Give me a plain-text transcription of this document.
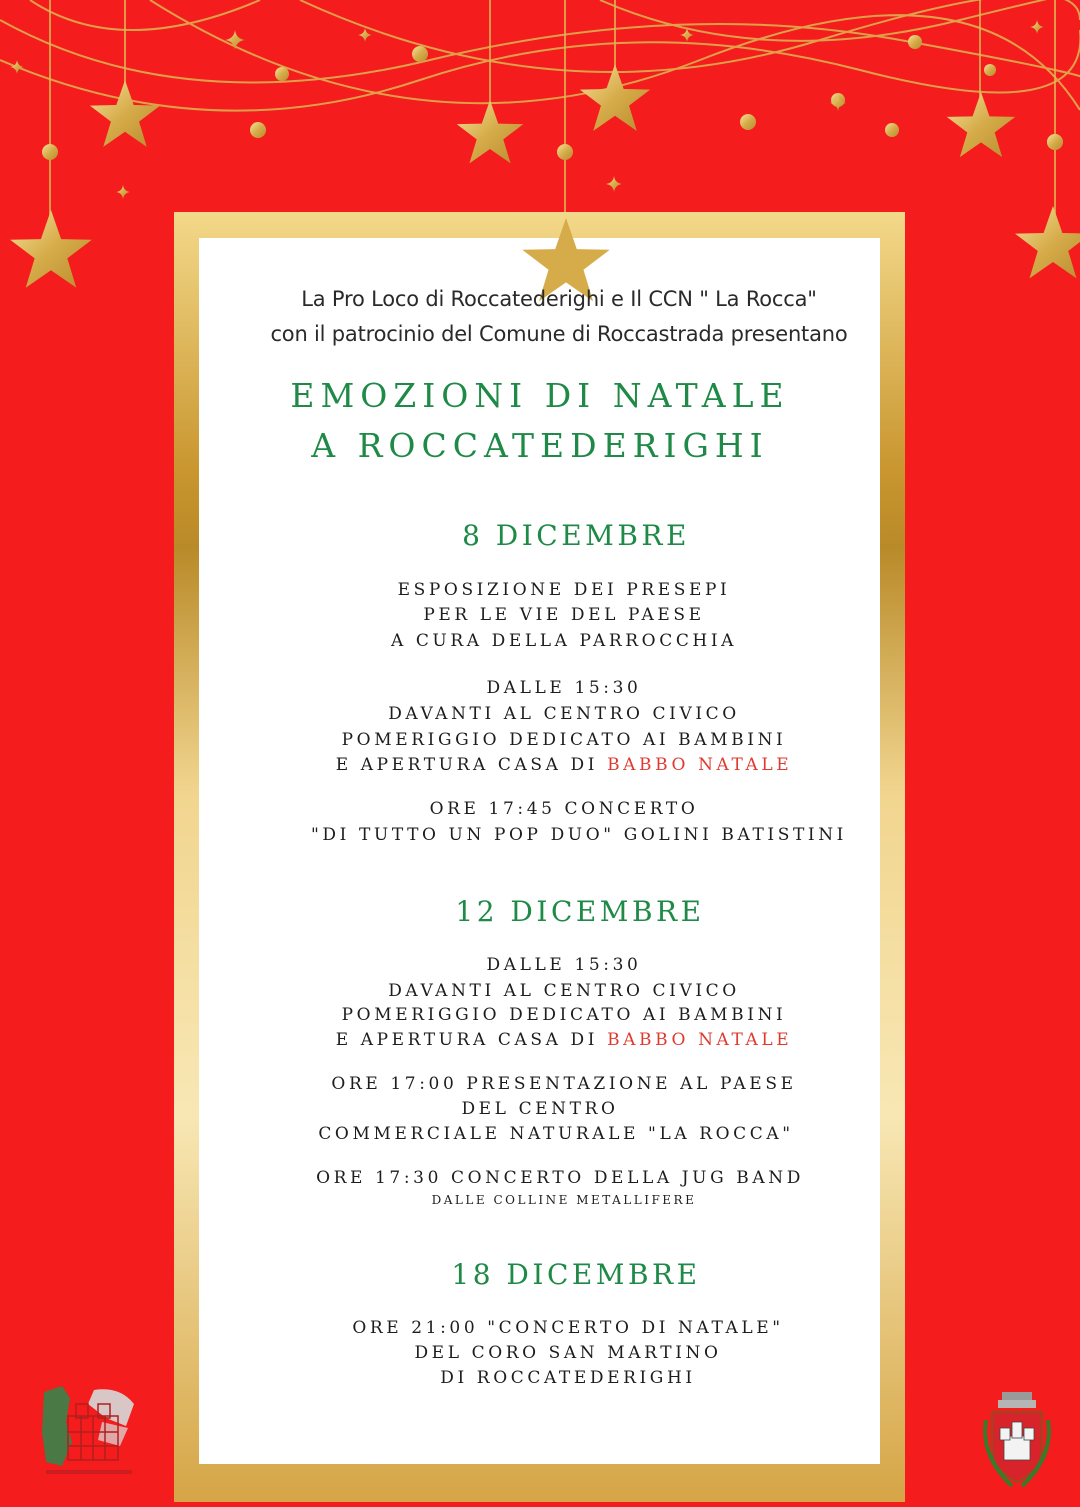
La Pro Loco di Roccatederighi e Il CCN " La Rocca"
con il patrocinio del Comune di Roccastrada presentano
EMOZIONI DI NATALE
A ROCCATEDERIGHI
8 DICEMBRE
ESPOSIZIONE DEI PRESEPI
PER LE VIE DEL PAESE
A CURA DELLA PARROCCHIA
DALLE 15:30
DAVANTI AL CENTRO CIVICO
POMERIGGIO DEDICATO AI BAMBINI
E APERTURA CASA DI BABBO NATALE
ORE 17:45 CONCERTO
"DI TUTTO UN POP DUO" GOLINI BATISTINI
12 DICEMBRE
DALLE 15:30
DAVANTI AL CENTRO CIVICO
POMERIGGIO DEDICATO AI BAMBINI
E APERTURA CASA DI BABBO NATALE
ORE 17:00 PRESENTAZIONE AL PAESE
DEL CENTRO
COMMERCIALE NATURALE "LA ROCCA"
ORE 17:30 CONCERTO DELLA JUG BAND
DALLE COLLINE METALLIFERE
18 DICEMBRE
ORE 21:00 "CONCERTO DI NATALE"
DEL CORO SAN MARTINO
DI ROCCATEDERIGHI
